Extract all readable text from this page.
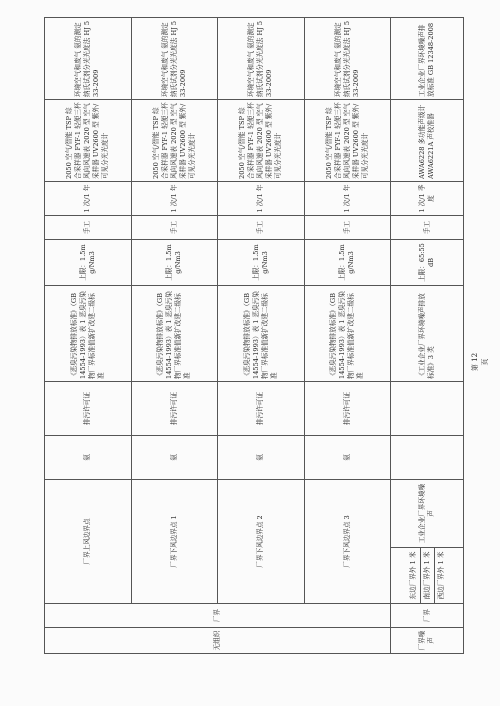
无组织	厂界	厂界上风边界点		氨	排污许可证	《恶臭污染物排放标准》（GB 14554-1993）表 1 恶臭污染物厂界标准值新扩改建二级标准	上限：1.5mg/Nm3	手工	1 次/1 年	2050 空气/智能 TSP 综合采样器 FYF-1 轻便三杯风向风速表 2020 型 空气采样器 UV2600 型 紫外/可见分光光度计	环境空气和废气 氨的测定 纳氏试剂分光光度法 HJ 533-2009
		厂界下风边界点 1		氨	排污许可证	《恶臭污染物排放标准》（GB 14554-1993）表 1 恶臭污染物厂界标准值新扩改建二级标准	上限：1.5mg/Nm3	手工	1 次/1 年	2050 空气/智能 TSP 综合采样器 FYF-1 轻便三杯风向风速表 2020 型 空气采样器 UV2600 型 紫外/可见分光光度计	环境空气和废气 氨的测定 纳氏试剂分光光度法 HJ 533-2009
		厂界下风边界点 2		氨	排污许可证	《恶臭污染物排放标准》（GB 14554-1993）表 1 恶臭污染物厂界标准值新扩改建二级标准	上限：1.5mg/Nm3	手工	1 次/1 年	2050 空气/智能 TSP 综合采样器 FYF-1 轻便三杯风向风速表 2020 型 空气采样器 UV2600 型 紫外/可见分光光度计	环境空气和废气 氨的测定 纳氏试剂分光光度法 HJ 533-2009
		厂界下风边界点 3		氨	排污许可证	《恶臭污染物排放标准》（GB 14554-1993）表 1 恶臭污染物厂界标准值新扩改建二级标准	上限：1.5mg/Nm3	手工	1 次/1 年	2050 空气/智能 TSP 综合采样器 FYF-1 轻便三杯风向风速表 2020 型 空气采样器 UV2600 型 紫外/可见分光光度计	环境空气和废气 氨的测定 纳氏试剂分光光度法 HJ 533-2009
厂界噪声	厂界	东边厂界外 1 米 南边厂界外 1 米 西边厂界外 1 米	工业企业厂界环境噪声			《工业企业厂界环境噪声排放标准》3 类	上限：65:55dB	手工	1 次/1 季度	AWA6228 多功能声级计 AWA6221A 声校准器	工业企业厂界环境噪声排放标准 GB 12348-2008
第 12 页
